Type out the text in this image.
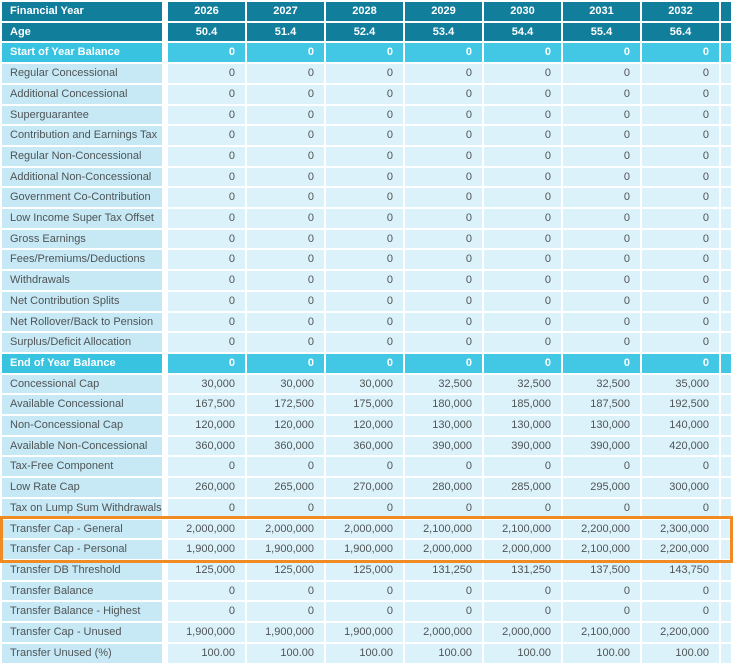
Financial Year	2026	2027	2028	2029	2030	2031	2032	
Age	50.4	51.4	52.4	53.4	54.4	55.4	56.4	
Start of Year Balance	0	0	0	0	0	0	0	
Regular Concessional	0	0	0	0	0	0	0	
Additional Concessional	0	0	0	0	0	0	0	
Superguarantee	0	0	0	0	0	0	0	
Contribution and Earnings Tax	0	0	0	0	0	0	0	
Regular Non-Concessional	0	0	0	0	0	0	0	
Additional Non-Concessional	0	0	0	0	0	0	0	
Government Co-Contribution	0	0	0	0	0	0	0	
Low Income Super Tax Offset	0	0	0	0	0	0	0	
Gross Earnings	0	0	0	0	0	0	0	
Fees/Premiums/Deductions	0	0	0	0	0	0	0	
Withdrawals	0	0	0	0	0	0	0	
Net Contribution Splits	0	0	0	0	0	0	0	
Net Rollover/Back to Pension	0	0	0	0	0	0	0	
Surplus/Deficit Allocation	0	0	0	0	0	0	0	
End of Year Balance	0	0	0	0	0	0	0	
Concessional Cap	30,000	30,000	30,000	32,500	32,500	32,500	35,000	
Available Concessional	167,500	172,500	175,000	180,000	185,000	187,500	192,500	
Non-Concessional Cap	120,000	120,000	120,000	130,000	130,000	130,000	140,000	
Available Non-Concessional	360,000	360,000	360,000	390,000	390,000	390,000	420,000	
Tax-Free Component	0	0	0	0	0	0	0	
Low Rate Cap	260,000	265,000	270,000	280,000	285,000	295,000	300,000	
Tax on Lump Sum Withdrawals	0	0	0	0	0	0	0	
Transfer Cap - General	2,000,000	2,000,000	2,000,000	2,100,000	2,100,000	2,200,000	2,300,000	
Transfer Cap - Personal	1,900,000	1,900,000	1,900,000	2,000,000	2,000,000	2,100,000	2,200,000	
Transfer DB Threshold	125,000	125,000	125,000	131,250	131,250	137,500	143,750	
Transfer Balance	0	0	0	0	0	0	0	
Transfer Balance - Highest	0	0	0	0	0	0	0	
Transfer Cap - Unused	1,900,000	1,900,000	1,900,000	2,000,000	2,000,000	2,100,000	2,200,000	
Transfer Unused (%)	100.00	100.00	100.00	100.00	100.00	100.00	100.00	
